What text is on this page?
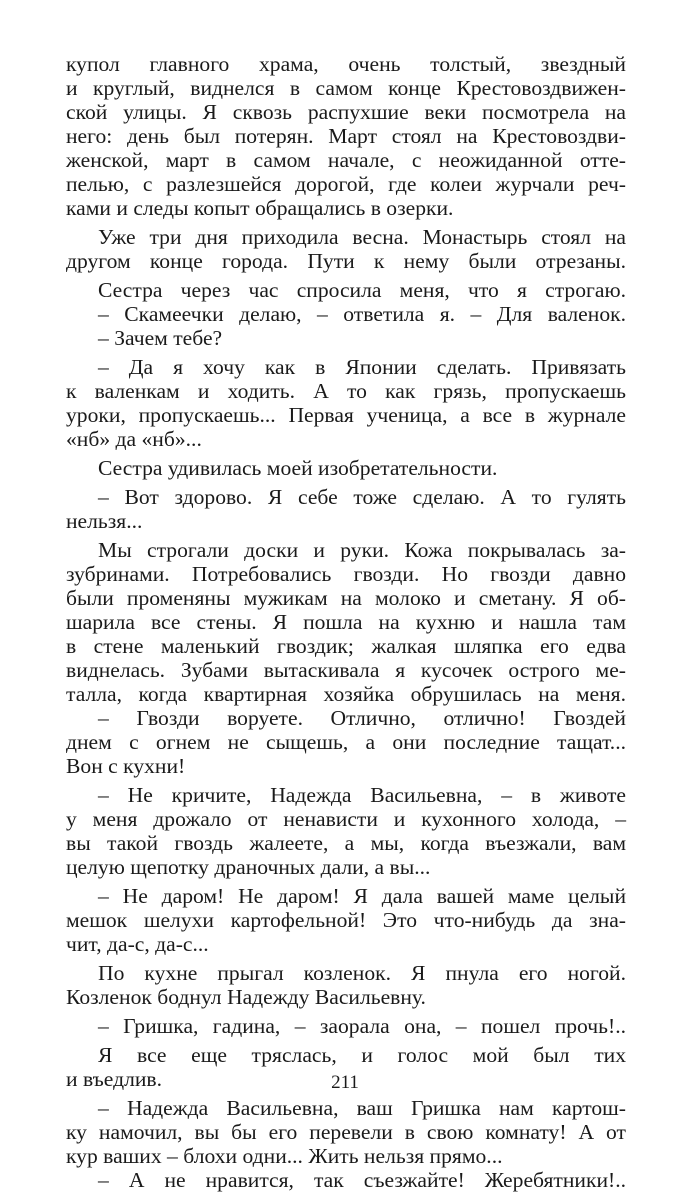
купол главного храма, очень толстый, звездный
и круглый, виднелся в самом конце Крестовоздвижен-
ской улицы. Я сквозь распухшие веки посмотрела на
него: день был потерян. Март стоял на Крестовоздви-
женской, март в самом начале, с неожиданной отте-
пелью, с разлезшейся дорогой, где колеи журчали реч-
ками и следы копыт обращались в озерки.
Уже три дня приходила весна. Монастырь стоял на
другом конце города. Пути к нему были отрезаны.
Сестра через час спросила меня, что я строгаю.
– Скамеечки делаю, – ответила я. – Для валенок.
– Зачем тебе?
– Да я хочу как в Японии сделать. Привязать
к валенкам и ходить. А то как грязь, пропускаешь
уроки, пропускаешь... Первая ученица, а все в журнале
«нб» да «нб»...
Сестра удивилась моей изобретательности.
– Вот здорово. Я себе тоже сделаю. А то гулять
нельзя...
Мы строгали доски и руки. Кожа покрывалась за-
зубринами. Потребовались гвозди. Но гвозди давно
были променяны мужикам на молоко и сметану. Я об-
шарила все стены. Я пошла на кухню и нашла там
в стене маленький гвоздик; жалкая шляпка его едва
виднелась. Зубами вытаскивала я кусочек острого ме-
талла, когда квартирная хозяйка обрушилась на меня.
– Гвозди воруете. Отлично, отлично! Гвоздей
днем с огнем не сыщешь, а они последние тащат...
Вон с кухни!
– Не кричите, Надежда Васильевна, – в животе
у меня дрожало от ненависти и кухонного холода, –
вы такой гвоздь жалеете, а мы, когда въезжали, вам
целую щепотку драночных дали, а вы...
– Не даром! Не даром! Я дала вашей маме целый
мешок шелухи картофельной! Это что-нибудь да зна-
чит, да-с, да-с...
По кухне прыгал козленок. Я пнула его ногой.
Козленок боднул Надежду Васильевну.
– Гришка, гадина, – заорала она, – пошел прочь!..
Я все еще тряслась, и голос мой был тих
и въедлив.
– Надежда Васильевна, ваш Гришка нам картош-
ку намочил, вы бы его перевели в свою комнату! А от
кур ваших – блохи одни... Жить нельзя прямо...
– А не нравится, так съезжайте! Жеребятники!..
211
